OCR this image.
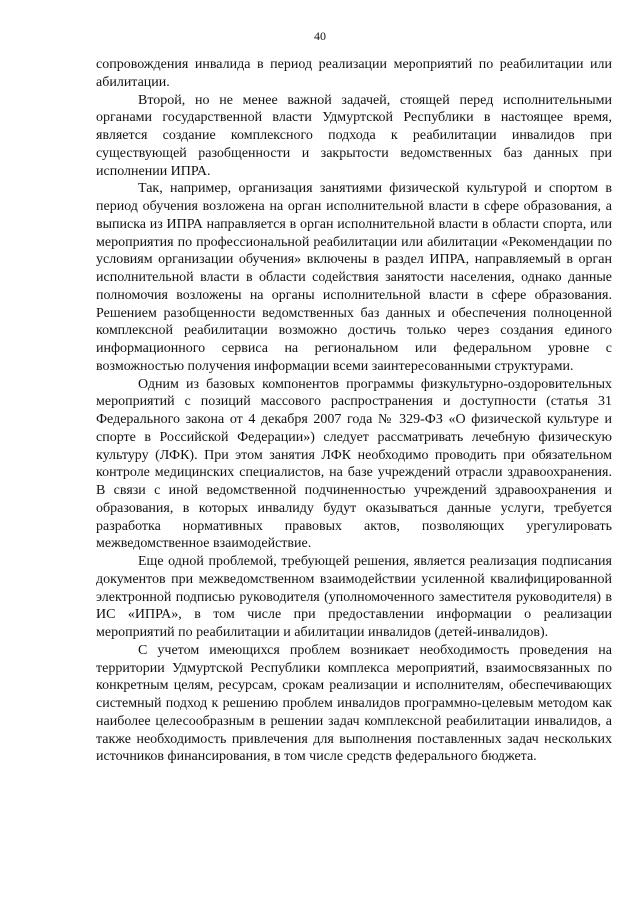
40

сопровождения инвалида в период реализации мероприятий по реабилитации или абилитации.

Второй, но не менее важной задачей, стоящей перед исполнительными органами государственной власти Удмуртской Республики в настоящее время, является создание комплексного подхода к реабилитации инвалидов при существующей разобщенности и закрытости ведомственных баз данных при исполнении ИПРА.

Так, например, организация занятиями физической культурой и спортом в период обучения возложена на орган исполнительной власти в сфере образования, а выписка из ИПРА направляется в орган исполнительной власти в области спорта, или мероприятия по профессиональной реабилитации или абилитации «Рекомендации по условиям организации обучения» включены в раздел ИПРА, направляемый в орган исполнительной власти в области содействия занятости населения, однако данные полномочия возложены на органы исполнительной власти в сфере образования. Решением разобщенности ведомственных баз данных и обеспечения полноценной комплексной реабилитации возможно достичь только через создания единого информационного сервиса на региональном или федеральном уровне с возможностью получения информации всеми заинтересованными структурами.

Одним из базовых компонентов программы физкультурно-оздоровительных мероприятий с позиций массового распространения и доступности (статья 31 Федерального закона от 4 декабря 2007 года № 329-ФЗ «О физической культуре и спорте в Российской Федерации») следует рассматривать лечебную физическую культуру (ЛФК). При этом занятия ЛФК необходимо проводить при обязательном контроле медицинских специалистов, на базе учреждений отрасли здравоохранения. В связи с иной ведомственной подчиненностью учреждений здравоохранения и образования, в которых инвалиду будут оказываться данные услуги, требуется разработка нормативных правовых актов, позволяющих урегулировать межведомственное взаимодействие.

Еще одной проблемой, требующей решения, является реализация подписания документов при межведомственном взаимодействии усиленной квалифицированной электронной подписью руководителя (уполномоченного заместителя руководителя) в ИС «ИПРА», в том числе при предоставлении информации о реализации мероприятий по реабилитации и абилитации инвалидов (детей-инвалидов).

С учетом имеющихся проблем возникает необходимость проведения на территории Удмуртской Республики комплекса мероприятий, взаимосвязанных по конкретным целям, ресурсам, срокам реализации и исполнителям, обеспечивающих системный подход к решению проблем инвалидов программно-целевым методом как наиболее целесообразным в решении задач комплексной реабилитации инвалидов, а также необходимость привлечения для выполнения поставленных задач нескольких источников финансирования, в том числе средств федерального бюджета.
